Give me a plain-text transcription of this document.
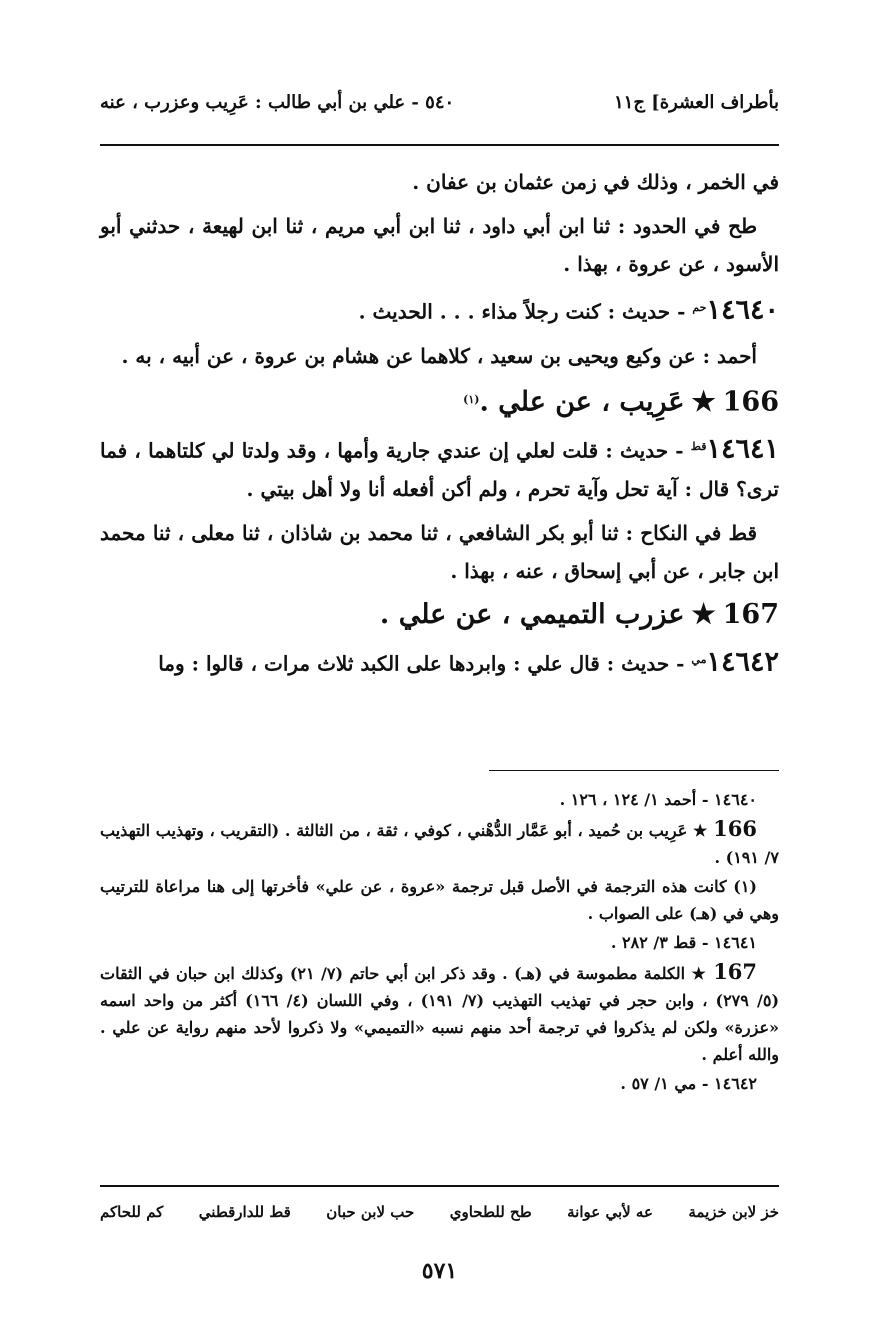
بأطراف العشرة] ج١١
٥٤٠ - علي بن أبي طالب : عَرِيب وعزرب ، عنه

في الخمر ، وذلك في زمن عثمان بن عفان .

طح في الحدود : ثنا ابن أبي داود ، ثنا ابن أبي مريم ، ثنا ابن لهيعة ، حدثني أبو الأسود ، عن عروة ، بهذا .

$١٤٦٤٠^{حم}$ - حديث : كنت رجلاً مذاء . . . الحديث .

أحمد : عن وكيع ويحيى بن سعيد ، كلاهما عن هشام بن عروة ، عن أبيه ، به .

166 ★ عَرِيب ، عن علي .$^{(١)}$

$١٤٦٤١^{قط}$ - حديث : قلت لعلي إن عندي جارية وأمها ، وقد ولدتا لي كلتاهما ، فما ترى؟ قال : آية تحل وآية تحرم ، ولم أكن أفعله أنا ولا أهل بيتي .

قط في النكاح : ثنا أبو بكر الشافعي ، ثنا محمد بن شاذان ، ثنا معلى ، ثنا محمد ابن جابر ، عن أبي إسحاق ، عنه ، بهذا .

167 ★ عزرب التميمي ، عن علي .

$١٤٦٤٢^{مي}$ - حديث : قال علي : وابردها على الكبد ثلاث مرات ، قالوا : وما

١٤٦٤٠ - أحمد ١/ ١٢٤ ، ١٢٦ .

166 ★ عَرِيب بن حُميد ، أبو عَمَّار الدُّهْني ، كوفي ، ثقة ، من الثالثة . (التقريب ، وتهذيب التهذيب ٧/ ١٩١) .

(١) كانت هذه الترجمة في الأصل قبل ترجمة «عروة ، عن علي» فأخرتها إلى هنا مراعاة للترتيب وهي في (هـ) على الصواب .

١٤٦٤١ - قط ٣/ ٢٨٢ .

167 ★ الكلمة مطموسة في (هـ) . وقد ذكر ابن أبي حاتم (٧/ ٢١) وكذلك ابن حبان في الثقات (٥/ ٢٧٩) ، وابن حجر في تهذيب التهذيب (٧/ ١٩١) ، وفي اللسان (٤/ ١٦٦) أكثر من واحد اسمه «عزرة» ولكن لم يذكروا في ترجمة أحد منهم نسبه «التميمي» ولا ذكروا لأحد منهم رواية عن علي . والله أعلم .

١٤٦٤٢ - مي ١/ ٥٧ .

خز لابن خزيمة
عه لأبي عوانة
طح للطحاوي
حب لابن حبان
قط للدارقطني
كم للحاكم
٥٧١
